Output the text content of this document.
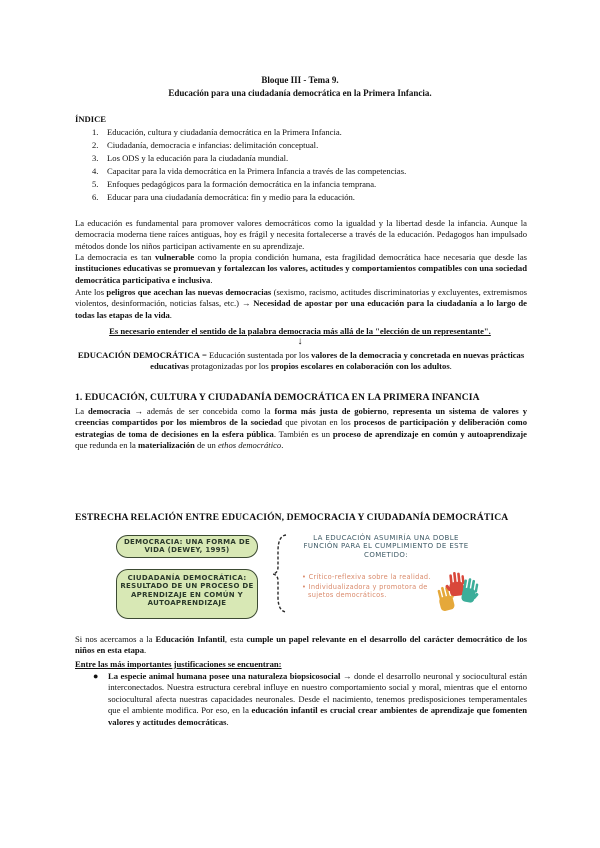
Bloque III - Tema 9.
Educación para una ciudadanía democrática en la Primera Infancia.
ÍNDICE
1.    Educación, cultura y ciudadanía democrática en la Primera Infancia.
2.    Ciudadanía, democracia e infancias: delimitación conceptual.
3.    Los ODS y la educación para la ciudadanía mundial.
4.    Capacitar para la vida democrática en la Primera Infancia a través de las competencias.
5.    Enfoques pedagógicos para la formación democrática en la infancia temprana.
6.    Educar para una ciudadanía democrática: fin y medio para la educación.
La educación es fundamental para promover valores democráticos como la igualdad y la libertad desde la infancia. Aunque la democracia moderna tiene raíces antiguas, hoy es frágil y necesita fortalecerse a través de la educación. Pedagogos han impulsado métodos donde los niños participan activamente en su aprendizaje.
La democracia es tan vulnerable como la propia condición humana, esta fragilidad democrática hace necesaria que desde las instituciones educativas se promuevan y fortalezcan los valores, actitudes y comportamientos compatibles con una sociedad democrática participativa e inclusiva.
Ante los peligros que acechan las nuevas democracias (sexismo, racismo, actitudes discriminatorias y excluyentes, extremismos violentos, desinformación, noticias falsas, etc.) → Necesidad de apostar por una educación para la ciudadanía a lo largo de todas las etapas de la vida.
Es necesario entender el sentido de la palabra democracia más allá de la "elección de un representante".
↓
EDUCACIÓN DEMOCRÁTICA = Educación sustentada por los valores de la democracia y concretada en nuevas prácticas educativas protagonizadas por los propios escolares en colaboración con los adultos.
1. EDUCACIÓN, CULTURA Y CIUDADANÍA DEMOCRÁTICA EN LA PRIMERA INFANCIA
La democracia → además de ser concebida como la forma más justa de gobierno, representa un sistema de valores y creencias compartidos por los miembros de la sociedad que pivotan en los procesos de participación y deliberación como estrategias de toma de decisiones en la esfera pública. También es un proceso de aprendizaje en común y autoaprendizaje que redunda en la materialización de un ethos democrático.
ESTRECHA RELACIÓN ENTRE EDUCACIÓN, DEMOCRACIA Y CIUDADANÍA DEMOCRÁTICA
DEMOCRACIA: UNA FORMA DE VIDA (DEWEY, 1995)
CIUDADANÍA DEMOCRÁTICA: RESULTADO DE UN PROCESO DE APRENDIZAJE EN COMÚN Y AUTOAPRENDIZAJE
LA EDUCACIÓN ASUMIRÍA UNA DOBLE FUNCIÓN PARA EL CUMPLIMIENTO DE ESTE COMETIDO:
• Crítico-reflexiva sobre la realidad.
• Individualizadora y promotora de sujetos democráticos.
Si nos acercamos a la Educación Infantil, esta cumple un papel relevante en el desarrollo del carácter democrático de los niños en esta etapa.
Entre las más importantes justificaciones se encuentran:
● La especie animal humana posee una naturaleza biopsicosocial → donde el desarrollo neuronal y sociocultural están interconectados. Nuestra estructura cerebral influye en nuestro comportamiento social y moral, mientras que el entorno sociocultural afecta nuestras capacidades neuronales. Desde el nacimiento, tenemos predisposiciones temperamentales que el ambiente modifica. Por eso, en la educación infantil es crucial crear ambientes de aprendizaje que fomenten valores y actitudes democráticas.
